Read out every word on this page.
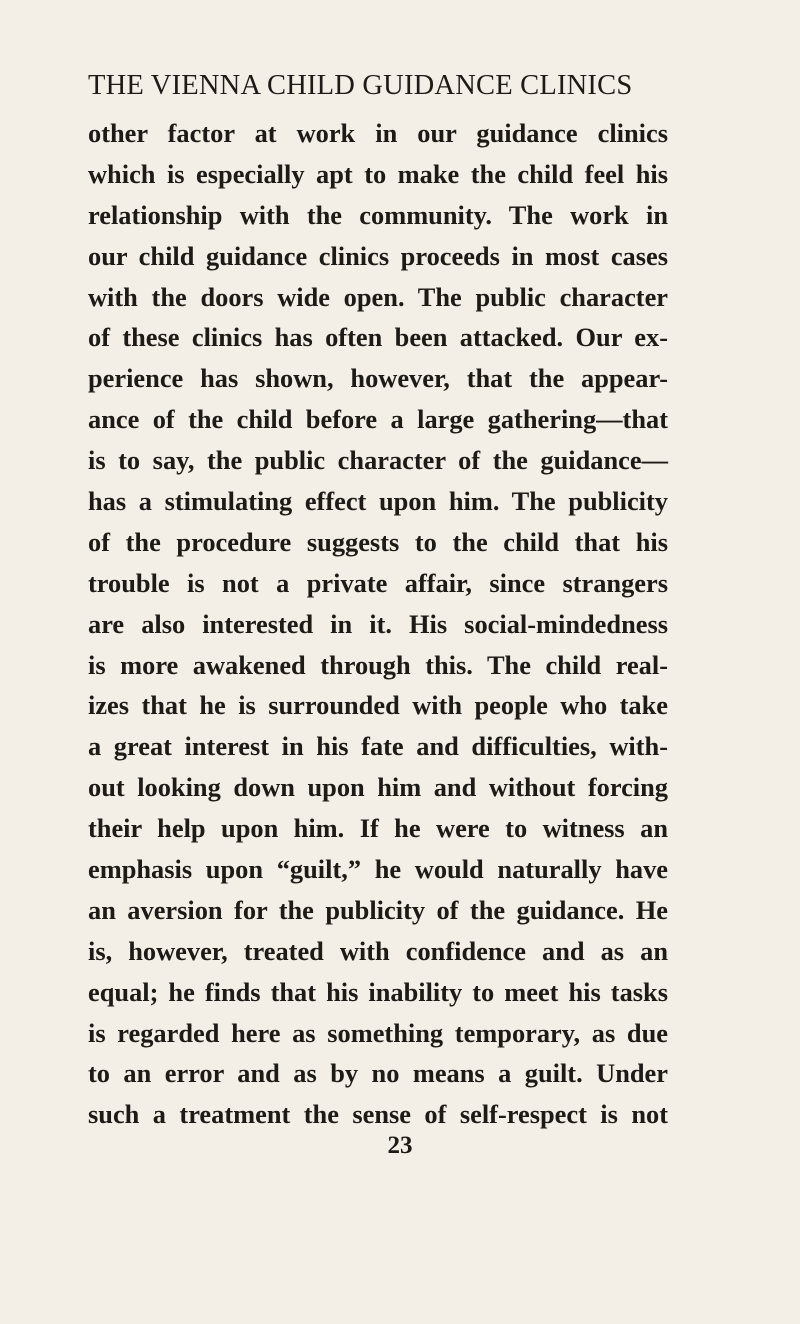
THE VIENNA CHILD GUIDANCE CLINICS
other factor at work in our guidance clinics
which is especially apt to make the child feel his
relationship with the community. The work in
our child guidance clinics proceeds in most cases
with the doors wide open. The public character
of these clinics has often been attacked. Our ex-
perience has shown, however, that the appear-
ance of the child before a large gathering—that
is to say, the public character of the guidance—
has a stimulating effect upon him. The publicity
of the procedure suggests to the child that his
trouble is not a private affair, since strangers
are also interested in it. His social-mindedness
is more awakened through this. The child real-
izes that he is surrounded with people who take
a great interest in his fate and difficulties, with-
out looking down upon him and without forcing
their help upon him. If he were to witness an
emphasis upon “guilt,” he would naturally have
an aversion for the publicity of the guidance. He
is, however, treated with confidence and as an
equal; he finds that his inability to meet his tasks
is regarded here as something temporary, as due
to an error and as by no means a guilt. Under
such a treatment the sense of self-respect is not
23
